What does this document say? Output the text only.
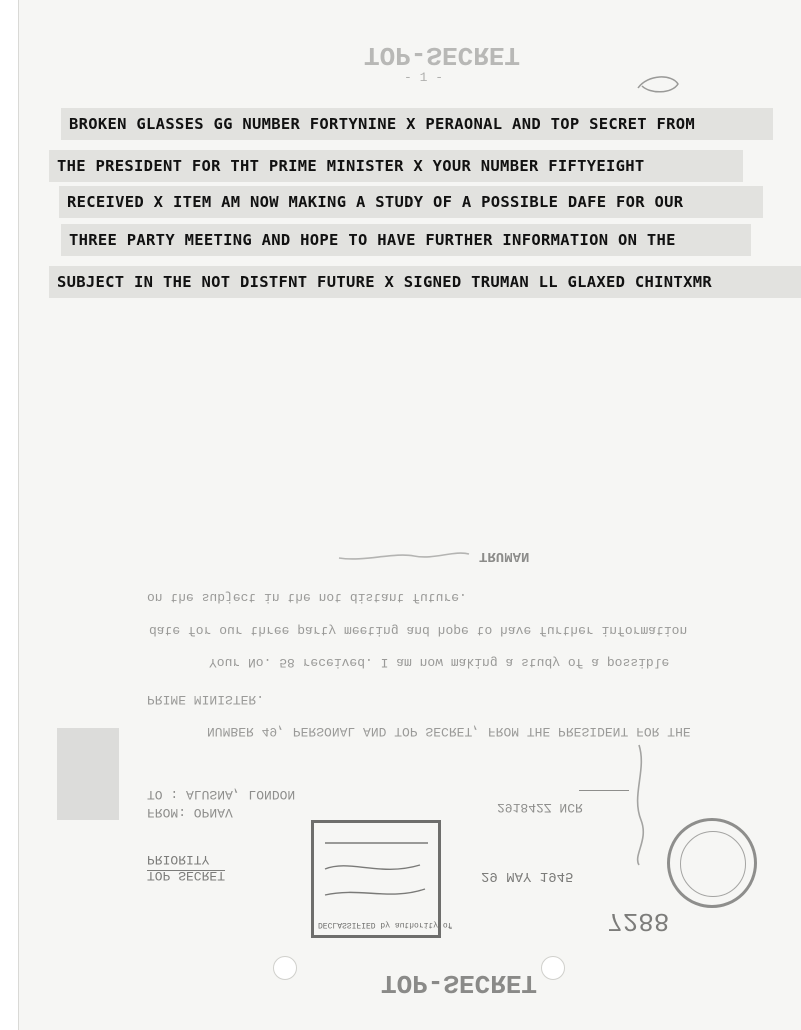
TOP-SECRET
- 1 -
BROKEN GLASSES GG NUMBER FORTYNINE X PERAONAL AND TOP SECRET FROM
THE PRESIDENT FOR THT PRIME MINISTER X YOUR NUMBER FIFTYEIGHT
RECEIVED X ITEM AM NOW MAKING A STUDY OF A POSSIBLE DAFE FOR OUR
THREE PARTY MEETING AND HOPE TO HAVE FURTHER INFORMATION ON THE
SUBJECT IN THE NOT DISTFNT FUTURE X SIGNED TRUMAN LL GLAXED CHINTXMR
TRUMAN
on the subject in the not distant future.
date for our three party meeting and hope to have further information
Your No. 58 received. I am now making a study of a possible
PRIME MINISTER.
NUMBER 49, PERSONAL AND TOP SECRET, FROM THE PRESIDENT FOR THE
TO : ALUSNA, LONDON
FROM: OPNAV	291842Z NCR
PRIORITY
TOP SECRET	29 MAY 1945
DECLASSIFIED by authority of	7288
TOP-SECRET
